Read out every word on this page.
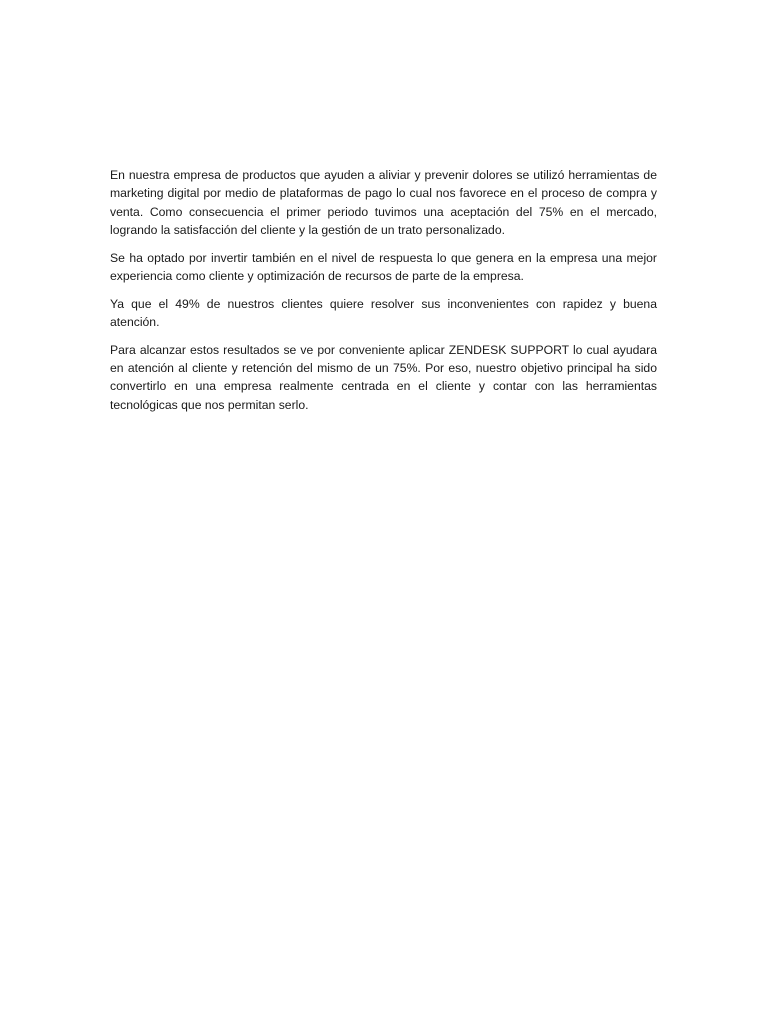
En nuestra empresa de productos que ayuden a aliviar y prevenir dolores se utilizó herramientas de marketing digital por medio de plataformas de pago lo cual nos favorece en el proceso de compra y venta. Como consecuencia el primer periodo tuvimos una aceptación del 75% en el mercado, logrando la satisfacción del cliente y la gestión de un trato personalizado.

Se ha optado por invertir también en el nivel de respuesta lo que genera en la empresa una mejor experiencia como cliente y optimización de recursos de parte de la empresa.

Ya que el 49% de nuestros clientes quiere resolver sus inconvenientes con rapidez y buena atención.

Para alcanzar estos resultados se ve por conveniente aplicar ZENDESK SUPPORT lo cual ayudara en atención al cliente y retención del mismo de un 75%. Por eso, nuestro objetivo principal ha sido convertirlo en una empresa realmente centrada en el cliente y contar con las herramientas tecnológicas que nos permitan serlo.
